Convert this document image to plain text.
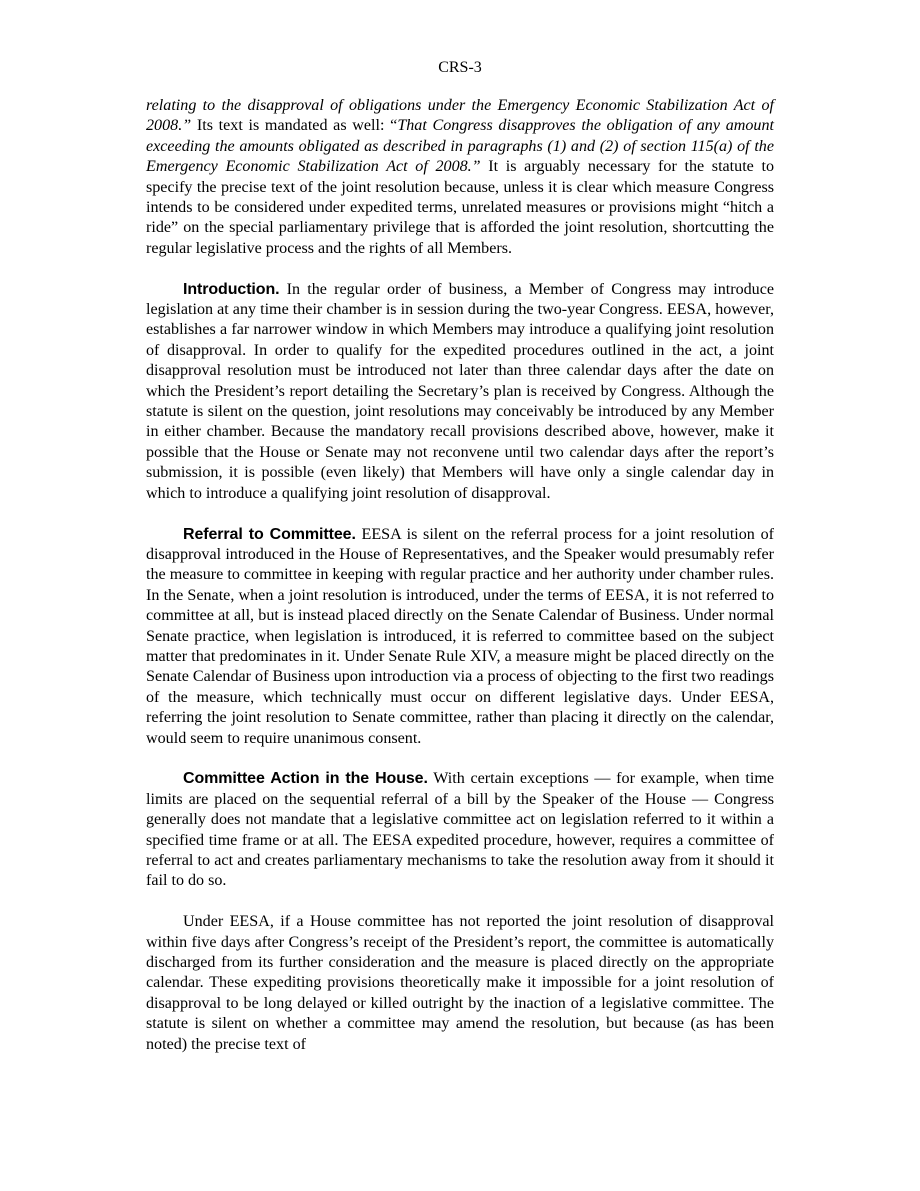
CRS-3

relating to the disapproval of obligations under the Emergency Economic Stabilization Act of 2008.” Its text is mandated as well: “That Congress disapproves the obligation of any amount exceeding the amounts obligated as described in paragraphs (1) and (2) of section 115(a) of the Emergency Economic Stabilization Act of 2008.” It is arguably necessary for the statute to specify the precise text of the joint resolution because, unless it is clear which measure Congress intends to be considered under expedited terms, unrelated measures or provisions might “hitch a ride” on the special parliamentary privilege that is afforded the joint resolution, shortcutting the regular legislative process and the rights of all Members.

Introduction. In the regular order of business, a Member of Congress may introduce legislation at any time their chamber is in session during the two-year Congress. EESA, however, establishes a far narrower window in which Members may introduce a qualifying joint resolution of disapproval. In order to qualify for the expedited procedures outlined in the act, a joint disapproval resolution must be introduced not later than three calendar days after the date on which the President’s report detailing the Secretary’s plan is received by Congress. Although the statute is silent on the question, joint resolutions may conceivably be introduced by any Member in either chamber. Because the mandatory recall provisions described above, however, make it possible that the House or Senate may not reconvene until two calendar days after the report’s submission, it is possible (even likely) that Members will have only a single calendar day in which to introduce a qualifying joint resolution of disapproval.

Referral to Committee. EESA is silent on the referral process for a joint resolution of disapproval introduced in the House of Representatives, and the Speaker would presumably refer the measure to committee in keeping with regular practice and her authority under chamber rules. In the Senate, when a joint resolution is introduced, under the terms of EESA, it is not referred to committee at all, but is instead placed directly on the Senate Calendar of Business. Under normal Senate practice, when legislation is introduced, it is referred to committee based on the subject matter that predominates in it. Under Senate Rule XIV, a measure might be placed directly on the Senate Calendar of Business upon introduction via a process of objecting to the first two readings of the measure, which technically must occur on different legislative days. Under EESA, referring the joint resolution to Senate committee, rather than placing it directly on the calendar, would seem to require unanimous consent.

Committee Action in the House. With certain exceptions — for example, when time limits are placed on the sequential referral of a bill by the Speaker of the House — Congress generally does not mandate that a legislative committee act on legislation referred to it within a specified time frame or at all. The EESA expedited procedure, however, requires a committee of referral to act and creates parliamentary mechanisms to take the resolution away from it should it fail to do so.

Under EESA, if a House committee has not reported the joint resolution of disapproval within five days after Congress’s receipt of the President’s report, the committee is automatically discharged from its further consideration and the measure is placed directly on the appropriate calendar. These expediting provisions theoretically make it impossible for a joint resolution of disapproval to be long delayed or killed outright by the inaction of a legislative committee. The statute is silent on whether a committee may amend the resolution, but because (as has been noted) the precise text of
